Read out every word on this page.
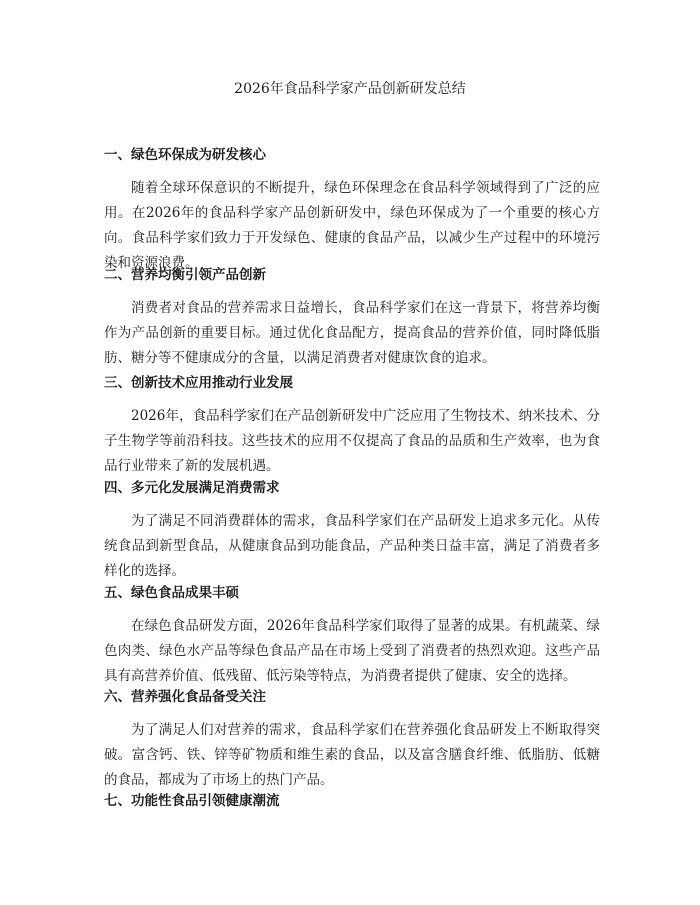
2026年食品科学家产品创新研发总结
一、绿色环保成为研发核心

随着全球环保意识的不断提升，绿色环保理念在食品科学领域得到了广泛的应用。在2026年的食品科学家产品创新研发中，绿色环保成为了一个重要的核心方向。食品科学家们致力于开发绿色、健康的食品产品，以减少生产过程中的环境污染和资源浪费。

二、营养均衡引领产品创新

消费者对食品的营养需求日益增长，食品科学家们在这一背景下，将营养均衡作为产品创新的重要目标。通过优化食品配方，提高食品的营养价值，同时降低脂肪、糖分等不健康成分的含量，以满足消费者对健康饮食的追求。

三、创新技术应用推动行业发展

2026年，食品科学家们在产品创新研发中广泛应用了生物技术、纳米技术、分子生物学等前沿科技。这些技术的应用不仅提高了食品的品质和生产效率，也为食品行业带来了新的发展机遇。

四、多元化发展满足消费需求

为了满足不同消费群体的需求，食品科学家们在产品研发上追求多元化。从传统食品到新型食品，从健康食品到功能食品，产品种类日益丰富，满足了消费者多样化的选择。

五、绿色食品成果丰硕

在绿色食品研发方面，2026年食品科学家们取得了显著的成果。有机蔬菜、绿色肉类、绿色水产品等绿色食品产品在市场上受到了消费者的热烈欢迎。这些产品具有高营养价值、低残留、低污染等特点，为消费者提供了健康、安全的选择。

六、营养强化食品备受关注

为了满足人们对营养的需求，食品科学家们在营养强化食品研发上不断取得突破。富含钙、铁、锌等矿物质和维生素的食品，以及富含膳食纤维、低脂肪、低糖的食品，都成为了市场上的热门产品。

七、功能性食品引领健康潮流
